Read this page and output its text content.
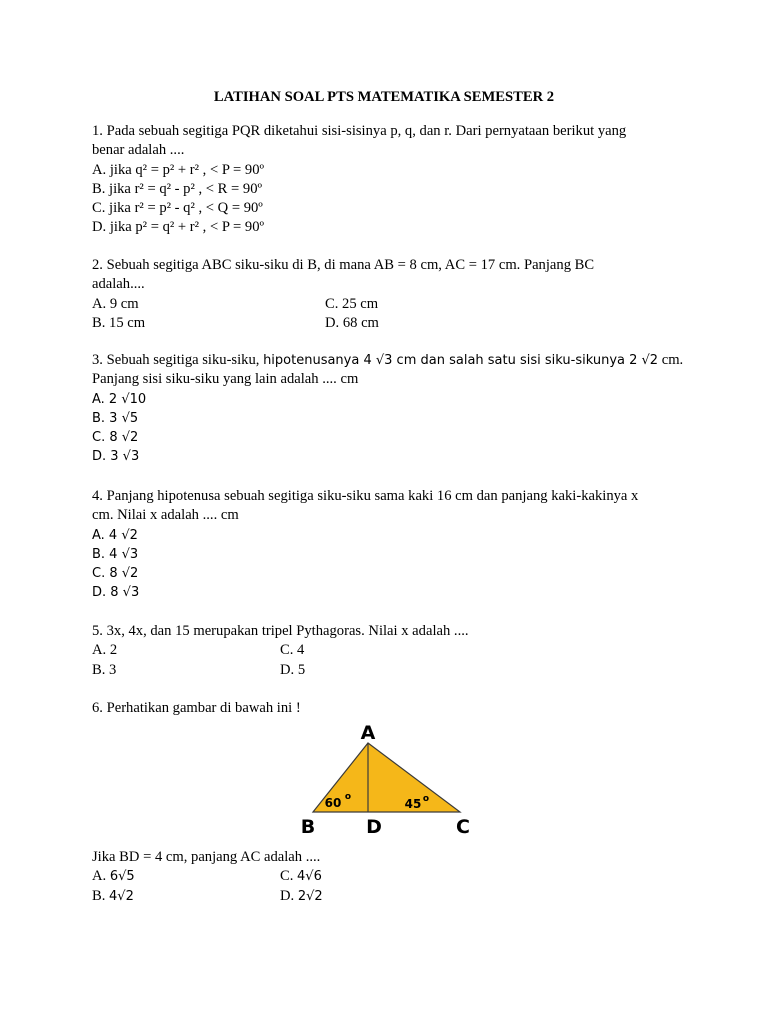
LATIHAN SOAL PTS MATEMATIKA SEMESTER 2
1. Pada sebuah segitiga PQR diketahui sisi-sisinya p, q, dan r. Dari pernyataan berikut yang
benar adalah ....
A. jika q² = p² + r² , < P = 90º
B. jika r² = q² - p² , < R = 90º
C. jika r² = p² - q² , < Q = 90º
D. jika p² = q² + r² , < P = 90º
2. Sebuah segitiga ABC siku-siku di B, di mana AB = 8 cm, AC = 17 cm. Panjang BC
adalah....
A. 9 cm	C. 25 cm
B. 15 cm	D. 68 cm
3. Sebuah segitiga siku-siku, hipotenusanya 4 √3 cm dan salah satu sisi siku-sikunya 2 √2 cm.
Panjang sisi siku-siku yang lain adalah .... cm
A. 2 √10
B. 3 √5
C. 8 √2
D. 3 √3
4. Panjang hipotenusa sebuah segitiga siku-siku sama kaki 16 cm dan panjang kaki-kakinya x
cm. Nilai x adalah .... cm
A. 4 √2
B. 4 √3
C. 8 √2
D. 8 √3
5. 3x, 4x, dan 15 merupakan tripel Pythagoras. Nilai x adalah ....
A. 2	C. 4
B. 3	D. 5
6. Perhatikan gambar di bawah ini !
A
B	D	C
60 o	45 o
Jika BD = 4 cm, panjang AC adalah ....
A. 6√5	C. 4√6
B. 4√2	D. 2√2
